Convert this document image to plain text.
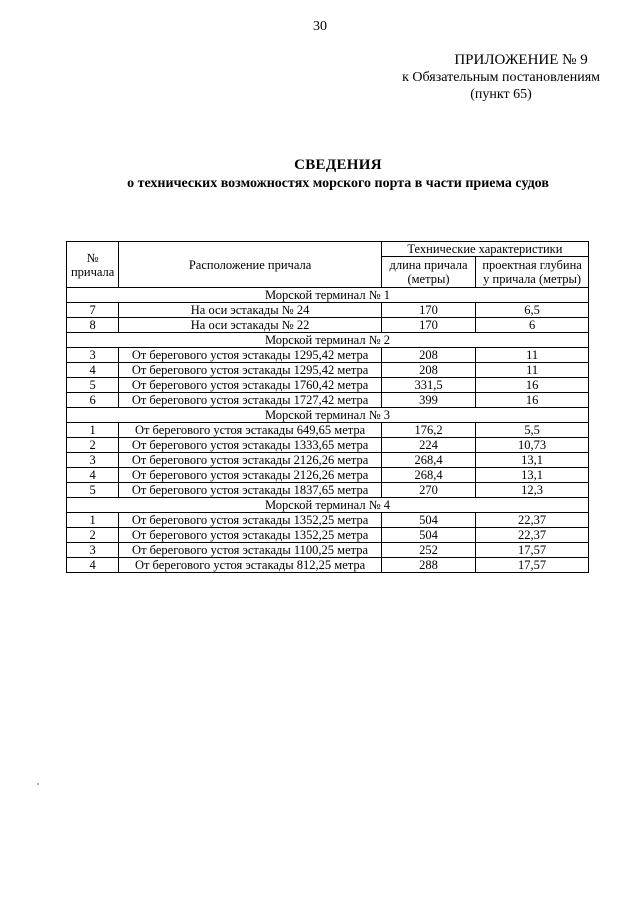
30
ПРИЛОЖЕНИЕ № 9
к Обязательным постановлениям
(пункт 65)
СВЕДЕНИЯ
о технических возможностях морского порта в части приема судов
№ причала	Расположение причала	Технические характеристики	
		длина причала (метры)	проектная глубина у причала (метры)
Морской терминал № 1			
7	На оси эстакады № 24	170	6,5
8	На оси эстакады № 22	170	6
Морской терминал № 2			
3	От берегового устоя эстакады 1295,42 метра	208	11
4	От берегового устоя эстакады 1295,42 метра	208	11
5	От берегового устоя эстакады 1760,42 метра	331,5	16
6	От берегового устоя эстакады 1727,42 метра	399	16
Морской терминал № 3			
1	От берегового устоя эстакады 649,65 метра	176,2	5,5
2	От берегового устоя эстакады 1333,65 метра	224	10,73
3	От берегового устоя эстакады 2126,26 метра	268,4	13,1
4	От берегового устоя эстакады 2126,26 метра	268,4	13,1
5	От берегового устоя эстакады 1837,65 метра	270	12,3
Морской терминал № 4			
1	От берегового устоя эстакады 1352,25 метра	504	22,37
2	От берегового устоя эстакады 1352,25 метра	504	22,37
3	От берегового устоя эстакады 1100,25 метра	252	17,57
4	От берегового устоя эстакады 812,25 метра	288	17,57
